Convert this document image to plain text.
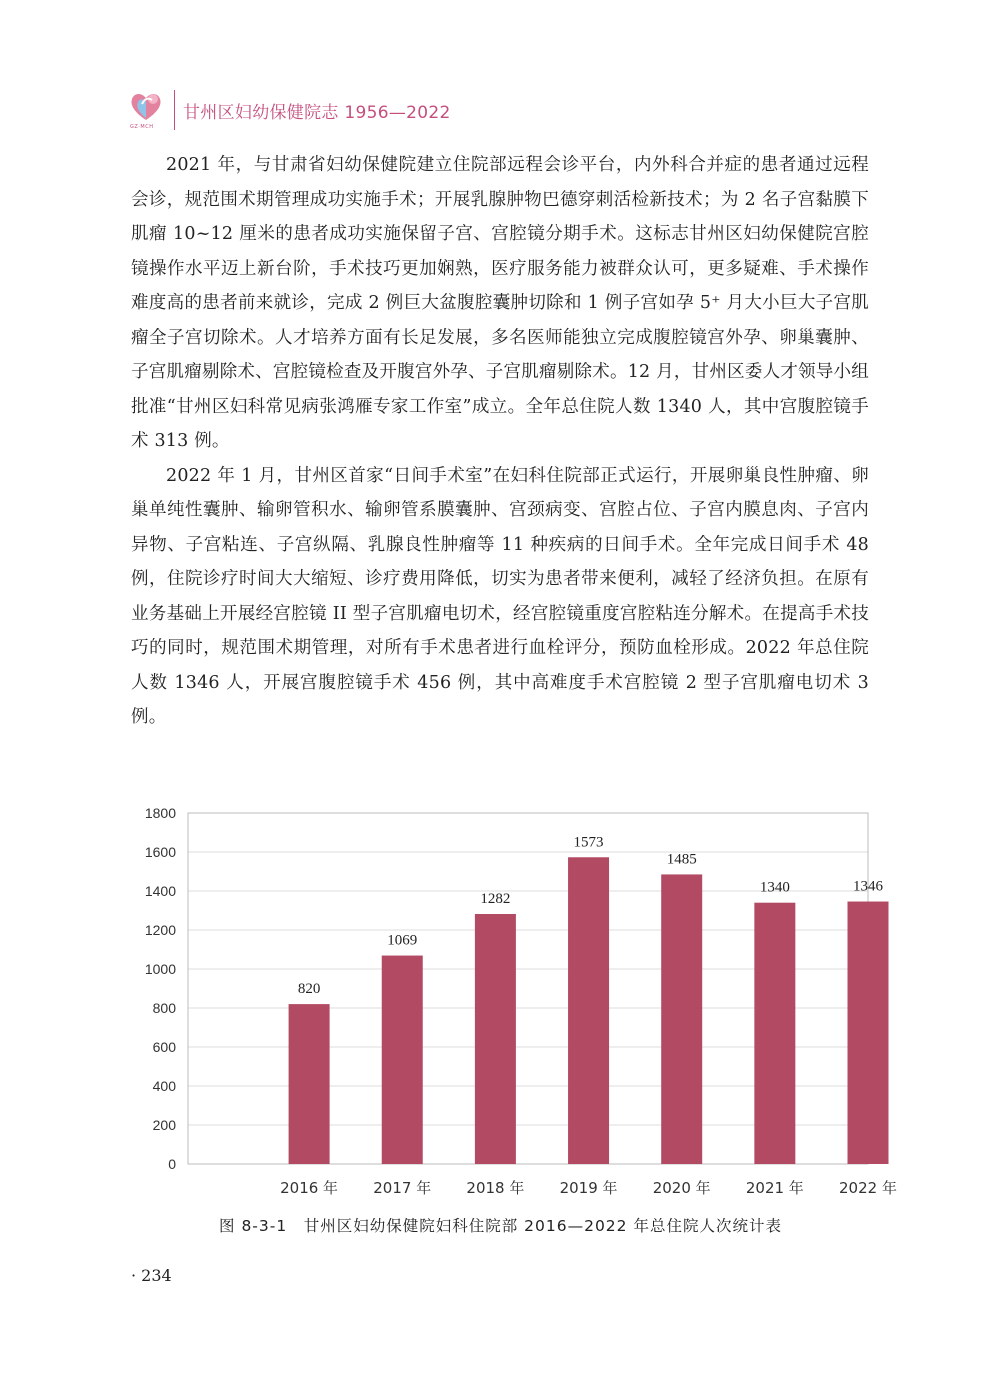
GZ·MCH
甘州区妇幼保健院志 1956—2022

2021 年，与甘肃省妇幼保健院建立住院部远程会诊平台，内外科合并症的患者通过远程会诊，规范围术期管理成功实施手术；开展乳腺肿物巴德穿刺活检新技术；为 2 名子宫黏膜下肌瘤 10~12 厘米的患者成功实施保留子宫、宫腔镜分期手术。这标志甘州区妇幼保健院宫腔镜操作水平迈上新台阶，手术技巧更加娴熟，医疗服务能力被群众认可，更多疑难、手术操作难度高的患者前来就诊，完成 2 例巨大盆腹腔囊肿切除和 1 例子宫如孕 5⁺ 月大小巨大子宫肌瘤全子宫切除术。人才培养方面有长足发展，多名医师能独立完成腹腔镜宫外孕、卵巢囊肿、子宫肌瘤剔除术、宫腔镜检查及开腹宫外孕、子宫肌瘤剔除术。12 月，甘州区委人才领导小组批准“甘州区妇科常见病张鸿雁专家工作室”成立。全年总住院人数 1340 人，其中宫腹腔镜手术 313 例。

2022 年 1 月，甘州区首家“日间手术室”在妇科住院部正式运行，开展卵巢良性肿瘤、卵巢单纯性囊肿、输卵管积水、输卵管系膜囊肿、宫颈病变、宫腔占位、子宫内膜息肉、子宫内异物、子宫粘连、子宫纵隔、乳腺良性肿瘤等 11 种疾病的日间手术。全年完成日间手术 48 例，住院诊疗时间大大缩短、诊疗费用降低，切实为患者带来便利，减轻了经济负担。在原有业务基础上开展经宫腔镜 II 型子宫肌瘤电切术，经宫腔镜重度宫腔粘连分解术。在提高手术技巧的同时，规范围术期管理，对所有手术患者进行血栓评分，预防血栓形成。2022 年总住院人数 1346 人，开展宫腹腔镜手术 456 例，其中高难度手术宫腔镜 2 型子宫肌瘤电切术 3 例。

0
200
400
600
800
1000
1200
1400
1600
1800
820
2016 年
1069
2017 年
1282
2018 年
1573
2019 年
1485
2020 年
1340
2021 年
1346
2022 年
图 8-3-1　甘州区妇幼保健院妇科住院部 2016—2022 年总住院人次统计表
· 234
